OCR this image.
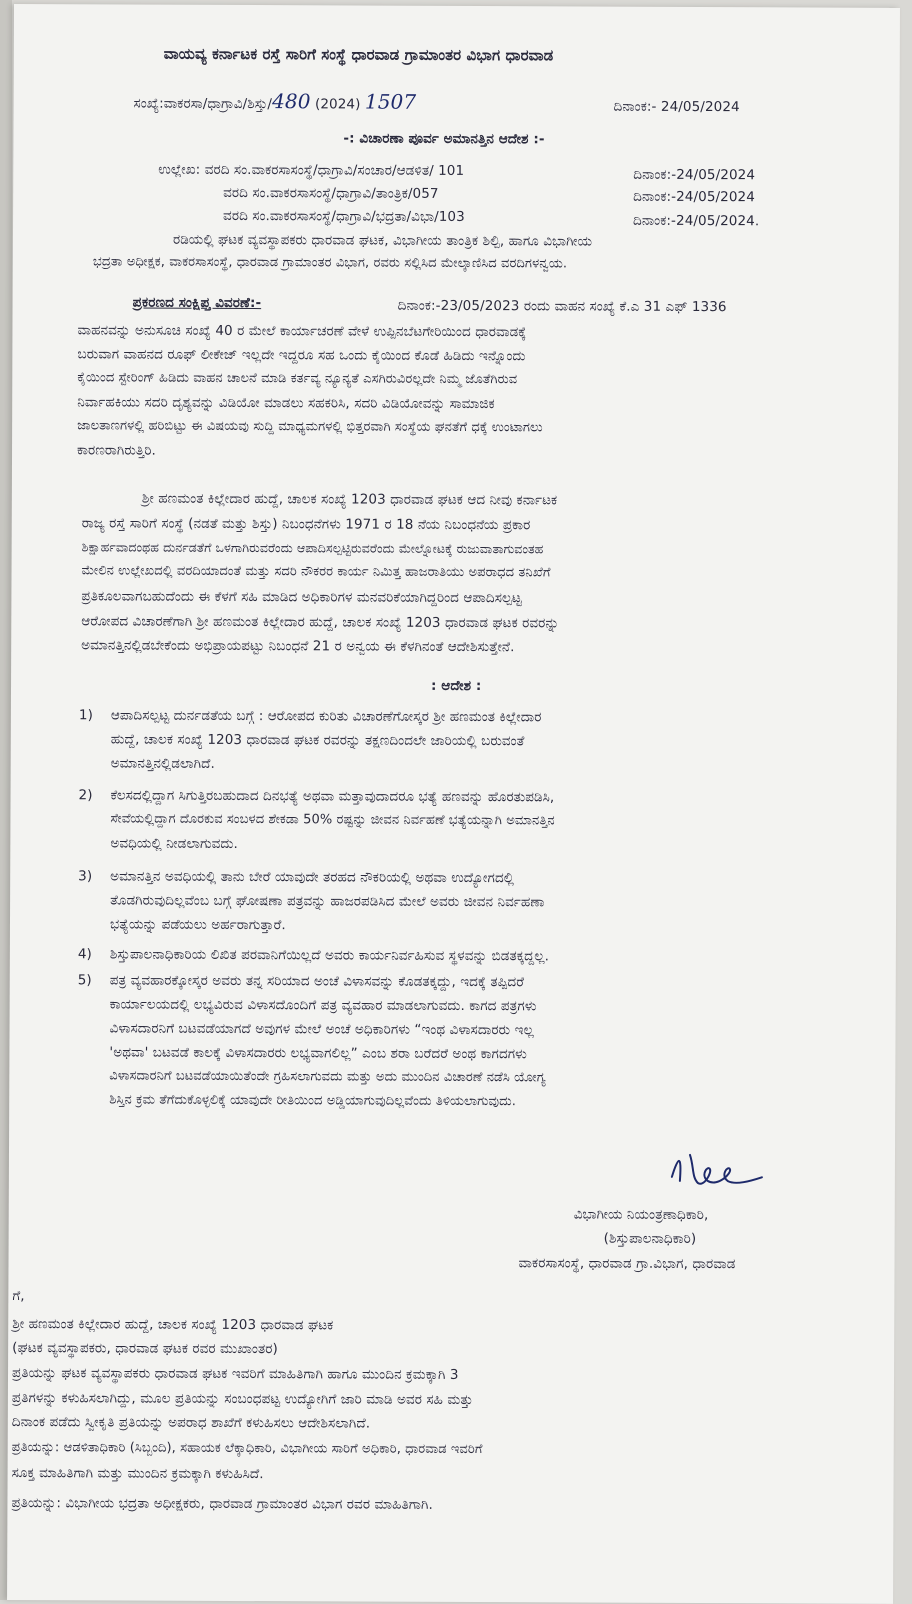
ವಾಯವ್ಯ ಕರ್ನಾಟಕ ರಸ್ತೆ ಸಾರಿಗೆ ಸಂಸ್ಥೆ ಧಾರವಾಡ ಗ್ರಾಮಾಂತರ ವಿಭಾಗ ಧಾರವಾಡ
ಸಂಖ್ಯೆ:ವಾಕರಸಾ/ಧಾಗ್ರಾವಿ/ಶಿಸ್ತು/480 (2024) 1507	ದಿನಾಂಕ:- 24/05/2024
-: ವಿಚಾರಣಾ ಪೂರ್ವ ಅಮಾನತ್ತಿನ ಆದೇಶ :-
ಉಲ್ಲೇಖ: ವರದಿ ಸಂ.ವಾಕರಸಾಸಂಸ್ಥೆ/ಧಾಗ್ರಾವಿ/ಸಂಚಾರ/ಆಡಳಿತ/ 101	ದಿನಾಂಕ:-24/05/2024
ವರದಿ ಸಂ.ವಾಕರಸಾಸಂಸ್ಥೆ/ಧಾಗ್ರಾವಿ/ತಾಂತ್ರಿಕ/057	ದಿನಾಂಕ:-24/05/2024
ವರದಿ ಸಂ.ವಾಕರಸಾಸಂಸ್ಥೆ/ಧಾಗ್ರಾವಿ/ಭದ್ರತಾ/ವಿಭಾ/103	ದಿನಾಂಕ:-24/05/2024.
ರಡಿಯಲ್ಲಿ ಘಟಕ ವ್ಯವಸ್ಥಾಪಕರು ಧಾರವಾಡ ಘಟಕ, ವಿಭಾಗೀಯ ತಾಂತ್ರಿಕ ಶಿಲ್ಪಿ, ಹಾಗೂ ವಿಭಾಗೀಯ
ಭದ್ರತಾ ಅಧೀಕ್ಷಕ, ವಾಕರಸಾಸಂಸ್ಥೆ, ಧಾರವಾಡ ಗ್ರಾಮಾಂತರ ವಿಭಾಗ, ರವರು ಸಲ್ಲಿಸಿದ ಮೇಲ್ಕಾಣಿಸಿದ ವರದಿಗಳನ್ವಯ.
ಪ್ರಕರಣದ ಸಂಕ್ಷಿಪ್ತ ವಿವರಣೆ:-	ದಿನಾಂಕ:-23/05/2023 ರಂದು ವಾಹನ ಸಂಖ್ಯೆ ಕೆ.ಎ 31 ಎಫ್ 1336
ವಾಹನವನ್ನು ಅನುಸೂಚಿ ಸಂಖ್ಯೆ 40 ರ ಮೇಲೆ ಕಾರ್ಯಾಚರಣೆ ವೇಳೆ ಉಪ್ಪಿನಬೆಟಗೇರಿಯಿಂದ ಧಾರವಾಡಕ್ಕೆ
ಬರುವಾಗ ವಾಹನದ ರೂಫ್ ಲೀಕೇಜ್ ಇಲ್ಲದೇ ಇದ್ದರೂ ಸಹ ಒಂದು ಕೈಯಿಂದ ಕೊಡೆ ಹಿಡಿದು ಇನ್ನೊಂದು
ಕೈಯಿಂದ ಸ್ಟೇರಿಂಗ್ ಹಿಡಿದು ವಾಹನ ಚಾಲನೆ ಮಾಡಿ ಕರ್ತವ್ಯ ನ್ಯೂನ್ಯತೆ ಎಸಗಿರುವಿರಲ್ಲದೇ ನಿಮ್ಮ ಜೊತೆಗಿರುವ
ನಿರ್ವಾಹಕಿಯು ಸದರಿ ದೃಶ್ಯವನ್ನು ವಿಡಿಯೋ ಮಾಡಲು ಸಹಕರಿಸಿ, ಸದರಿ ವಿಡಿಯೋವನ್ನು ಸಾಮಾಜಿಕ
ಜಾಲತಾಣಗಳಲ್ಲಿ ಹರಿಬಿಟ್ಟು ಈ ವಿಷಯವು ಸುದ್ದಿ ಮಾಧ್ಯಮಗಳಲ್ಲಿ ಭಿತ್ತರವಾಗಿ ಸಂಸ್ಥೆಯ ಘನತೆಗೆ ಧಕ್ಕೆ ಉಂಟಾಗಲು
ಕಾರಣರಾಗಿರುತ್ತಿರಿ.
ಶ್ರೀ ಹಣಮಂತ ಕಿಲ್ಲೇದಾರ ಹುದ್ದೆ, ಚಾಲಕ ಸಂಖ್ಯೆ 1203 ಧಾರವಾಡ ಘಟಕ ಆದ ನೀವು ಕರ್ನಾಟಕ
ರಾಜ್ಯ ರಸ್ತೆ ಸಾರಿಗೆ ಸಂಸ್ಥೆ (ನಡತೆ ಮತ್ತು ಶಿಸ್ತು) ನಿಬಂಧನೆಗಳು 1971 ರ 18 ನೆಯ ನಿಬಂಧನೆಯ ಪ್ರಕಾರ
ಶಿಕ್ಷಾರ್ಹವಾದಂಥಹ ದುರ್ನಡತೆಗೆ ಒಳಗಾಗಿರುವರೆಂದು ಆಪಾದಿಸಲ್ಪಟ್ಟಿರುವರೆಂದು ಮೇಲ್ನೋಟಕ್ಕೆ ರುಜುವಾತಾಗುವಂತಹ
ಮೇಲಿನ ಉಲ್ಲೇಖದಲ್ಲಿ ವರದಿಯಾದಂತೆ ಮತ್ತು ಸದರಿ ನೌಕರರ ಕಾರ್ಯ ನಿಮಿತ್ತ ಹಾಜರಾತಿಯು ಅಪರಾಧದ ತನಿಖೆಗೆ
ಪ್ರತಿಕೂಲವಾಗಬಹುದೆಂದು ಈ ಕೆಳಗೆ ಸಹಿ ಮಾಡಿದ ಅಧಿಕಾರಿಗಳ ಮನವರಿಕೆಯಾಗಿದ್ದರಿಂದ ಆಪಾದಿಸಲ್ಪಟ್ಟ
ಆರೋಪದ ವಿಚಾರಣೆಗಾಗಿ ಶ್ರೀ ಹಣಮಂತ ಕಿಲ್ಲೇದಾರ ಹುದ್ದೆ, ಚಾಲಕ ಸಂಖ್ಯೆ 1203 ಧಾರವಾಡ ಘಟಕ ರವರನ್ನು
ಅಮಾನತ್ತಿನಲ್ಲಿಡಬೇಕೆಂದು ಅಭಿಪ್ರಾಯಪಟ್ಟು ನಿಬಂಧನೆ 21 ರ ಅನ್ವಯ ಈ ಕೆಳಗಿನಂತೆ ಆದೇಶಿಸುತ್ತೇನೆ.
: ಆದೇಶ :
1) ಆಪಾದಿಸಲ್ಪಟ್ಟ ದುರ್ನಡತೆಯ ಬಗ್ಗೆ : ಆರೋಪದ ಕುರಿತು ವಿಚಾರಣೆಗೋಸ್ಕರ ಶ್ರೀ ಹಣಮಂತ ಕಿಲ್ಲೇದಾರ
ಹುದ್ದೆ, ಚಾಲಕ ಸಂಖ್ಯೆ 1203 ಧಾರವಾಡ ಘಟಕ ರವರನ್ನು ತಕ್ಷಣದಿಂದಲೇ ಜಾರಿಯಲ್ಲಿ ಬರುವಂತೆ
ಅಮಾನತ್ತಿನಲ್ಲಿಡಲಾಗಿದೆ.
2) ಕೆಲಸದಲ್ಲಿದ್ದಾಗ ಸಿಗುತ್ತಿರಬಹುದಾದ ದಿನಭತ್ಯೆ ಅಥವಾ ಮತ್ತಾವುದಾದರೂ ಭತ್ಯೆ ಹಣವನ್ನು ಹೊರತುಪಡಿಸಿ,
ಸೇವೆಯಲ್ಲಿದ್ದಾಗ ದೊರಕುವ ಸಂಬಳದ ಶೇಕಡಾ 50% ರಷ್ಟನ್ನು ಜೀವನ ನಿರ್ವಹಣೆ ಭತ್ಯೆಯನ್ನಾಗಿ ಅಮಾನತ್ತಿನ
ಅವಧಿಯಲ್ಲಿ ನೀಡಲಾಗುವದು.
3) ಅಮಾನತ್ತಿನ ಅವಧಿಯಲ್ಲಿ ತಾನು ಬೇರೆ ಯಾವುದೇ ತರಹದ ನೌಕರಿಯಲ್ಲಿ ಅಥವಾ ಉದ್ಯೋಗದಲ್ಲಿ
ತೊಡಗಿರುವುದಿಲ್ಲವೆಂಬ ಬಗ್ಗೆ ಘೋಷಣಾ ಪತ್ರವನ್ನು ಹಾಜರಪಡಿಸಿದ ಮೇಲೆ ಅವರು ಜೀವನ ನಿರ್ವಹಣಾ
ಭತ್ಯೆಯನ್ನು ಪಡೆಯಲು ಅರ್ಹರಾಗುತ್ತಾರೆ.
4) ಶಿಸ್ತುಪಾಲನಾಧಿಕಾರಿಯ ಲಿಖಿತ ಪರವಾನಿಗೆಯಿಲ್ಲದೆ ಅವರು ಕಾರ್ಯನಿರ್ವಹಿಸುವ ಸ್ಥಳವನ್ನು ಬಿಡತಕ್ಕದ್ದಲ್ಲ.
5) ಪತ್ರ ವ್ಯವಹಾರಕ್ಕೋಸ್ಕರ ಅವರು ತನ್ನ ಸರಿಯಾದ ಅಂಚೆ ವಿಳಾಸವನ್ನು ಕೊಡತಕ್ಕದ್ದು, ಇದಕ್ಕೆ ತಪ್ಪಿದರೆ
ಕಾರ್ಯಾಲಯದಲ್ಲಿ ಲಭ್ಯವಿರುವ ವಿಳಾಸದೊಂದಿಗೆ ಪತ್ರ ವ್ಯವಹಾರ ಮಾಡಲಾಗುವದು. ಕಾಗದ ಪತ್ರಗಳು
ವಿಳಾಸದಾರನಿಗೆ ಬಟವಡೆಯಾಗದೆ ಅವುಗಳ ಮೇಲೆ ಅಂಚೆ ಅಧಿಕಾರಿಗಳು “ಇಂಥ ವಿಳಾಸದಾರರು ಇಲ್ಲ
'ಅಥವಾ' ಬಟವಡೆ ಕಾಲಕ್ಕೆ ವಿಳಾಸದಾರರು ಲಭ್ಯವಾಗಲಿಲ್ಲ” ಎಂಬ ಶರಾ ಬರೆದರೆ ಅಂಥ ಕಾಗದಗಳು
ವಿಳಾಸದಾರನಿಗೆ ಬಟವಡೆಯಾಯಿತೆಂದೇ ಗ್ರಹಿಸಲಾಗುವದು ಮತ್ತು ಅದು ಮುಂದಿನ ವಿಚಾರಣೆ ನಡೆಸಿ ಯೋಗ್ಯ
ಶಿಸ್ತಿನ ಕ್ರಮ ತೆಗೆದುಕೊಳ್ಳಲಿಕ್ಕೆ ಯಾವುದೇ ರೀತಿಯಿಂದ ಅಡ್ಡಿಯಾಗುವುದಿಲ್ಲವೆಂದು ತಿಳಿಯಲಾಗುವುದು.
ವಿಭಾಗೀಯ ನಿಯಂತ್ರಣಾಧಿಕಾರಿ,
(ಶಿಸ್ತುಪಾಲನಾಧಿಕಾರಿ)
ವಾಕರಸಾಸಂಸ್ಥೆ, ಧಾರವಾಡ ಗ್ರಾ.ವಿಭಾಗ, ಧಾರವಾಡ
ಗೆ,
ಶ್ರೀ ಹಣಮಂತ ಕಿಲ್ಲೇದಾರ ಹುದ್ದೆ, ಚಾಲಕ ಸಂಖ್ಯೆ 1203 ಧಾರವಾಡ ಘಟಕ
(ಘಟಕ ವ್ಯವಸ್ಥಾಪಕರು, ಧಾರವಾಡ ಘಟಕ ರವರ ಮುಖಾಂತರ)
ಪ್ರತಿಯನ್ನು ಘಟಕ ವ್ಯವಸ್ಥಾಪಕರು ಧಾರವಾಡ ಘಟಕ ಇವರಿಗೆ ಮಾಹಿತಿಗಾಗಿ ಹಾಗೂ ಮುಂದಿನ ಕ್ರಮಕ್ಕಾಗಿ 3
ಪ್ರತಿಗಳನ್ನು ಕಳುಹಿಸಲಾಗಿದ್ದು, ಮೂಲ ಪ್ರತಿಯನ್ನು ಸಂಬಂಧಪಟ್ಟ ಉದ್ಯೋಗಿಗೆ ಜಾರಿ ಮಾಡಿ ಅವರ ಸಹಿ ಮತ್ತು
ದಿನಾಂಕ ಪಡೆದು ಸ್ವೀಕೃತಿ ಪ್ರತಿಯನ್ನು ಅಪರಾಧ ಶಾಖೆಗೆ ಕಳುಹಿಸಲು ಆದೇಶಿಸಲಾಗಿದೆ.
ಪ್ರತಿಯನ್ನು: ಆಡಳಿತಾಧಿಕಾರಿ (ಸಿಬ್ಬಂದಿ), ಸಹಾಯಕ ಲೆಕ್ಕಾಧಿಕಾರಿ, ವಿಭಾಗೀಯ ಸಾರಿಗೆ ಅಧಿಕಾರಿ, ಧಾರವಾಡ ಇವರಿಗೆ
ಸೂಕ್ತ ಮಾಹಿತಿಗಾಗಿ ಮತ್ತು ಮುಂದಿನ ಕ್ರಮಕ್ಕಾಗಿ ಕಳುಹಿಸಿದೆ.
ಪ್ರತಿಯನ್ನು: ವಿಭಾಗೀಯ ಭದ್ರತಾ ಅಧೀಕ್ಷಕರು, ಧಾರವಾಡ ಗ್ರಾಮಾಂತರ ವಿಭಾಗ ರವರ ಮಾಹಿತಿಗಾಗಿ.
